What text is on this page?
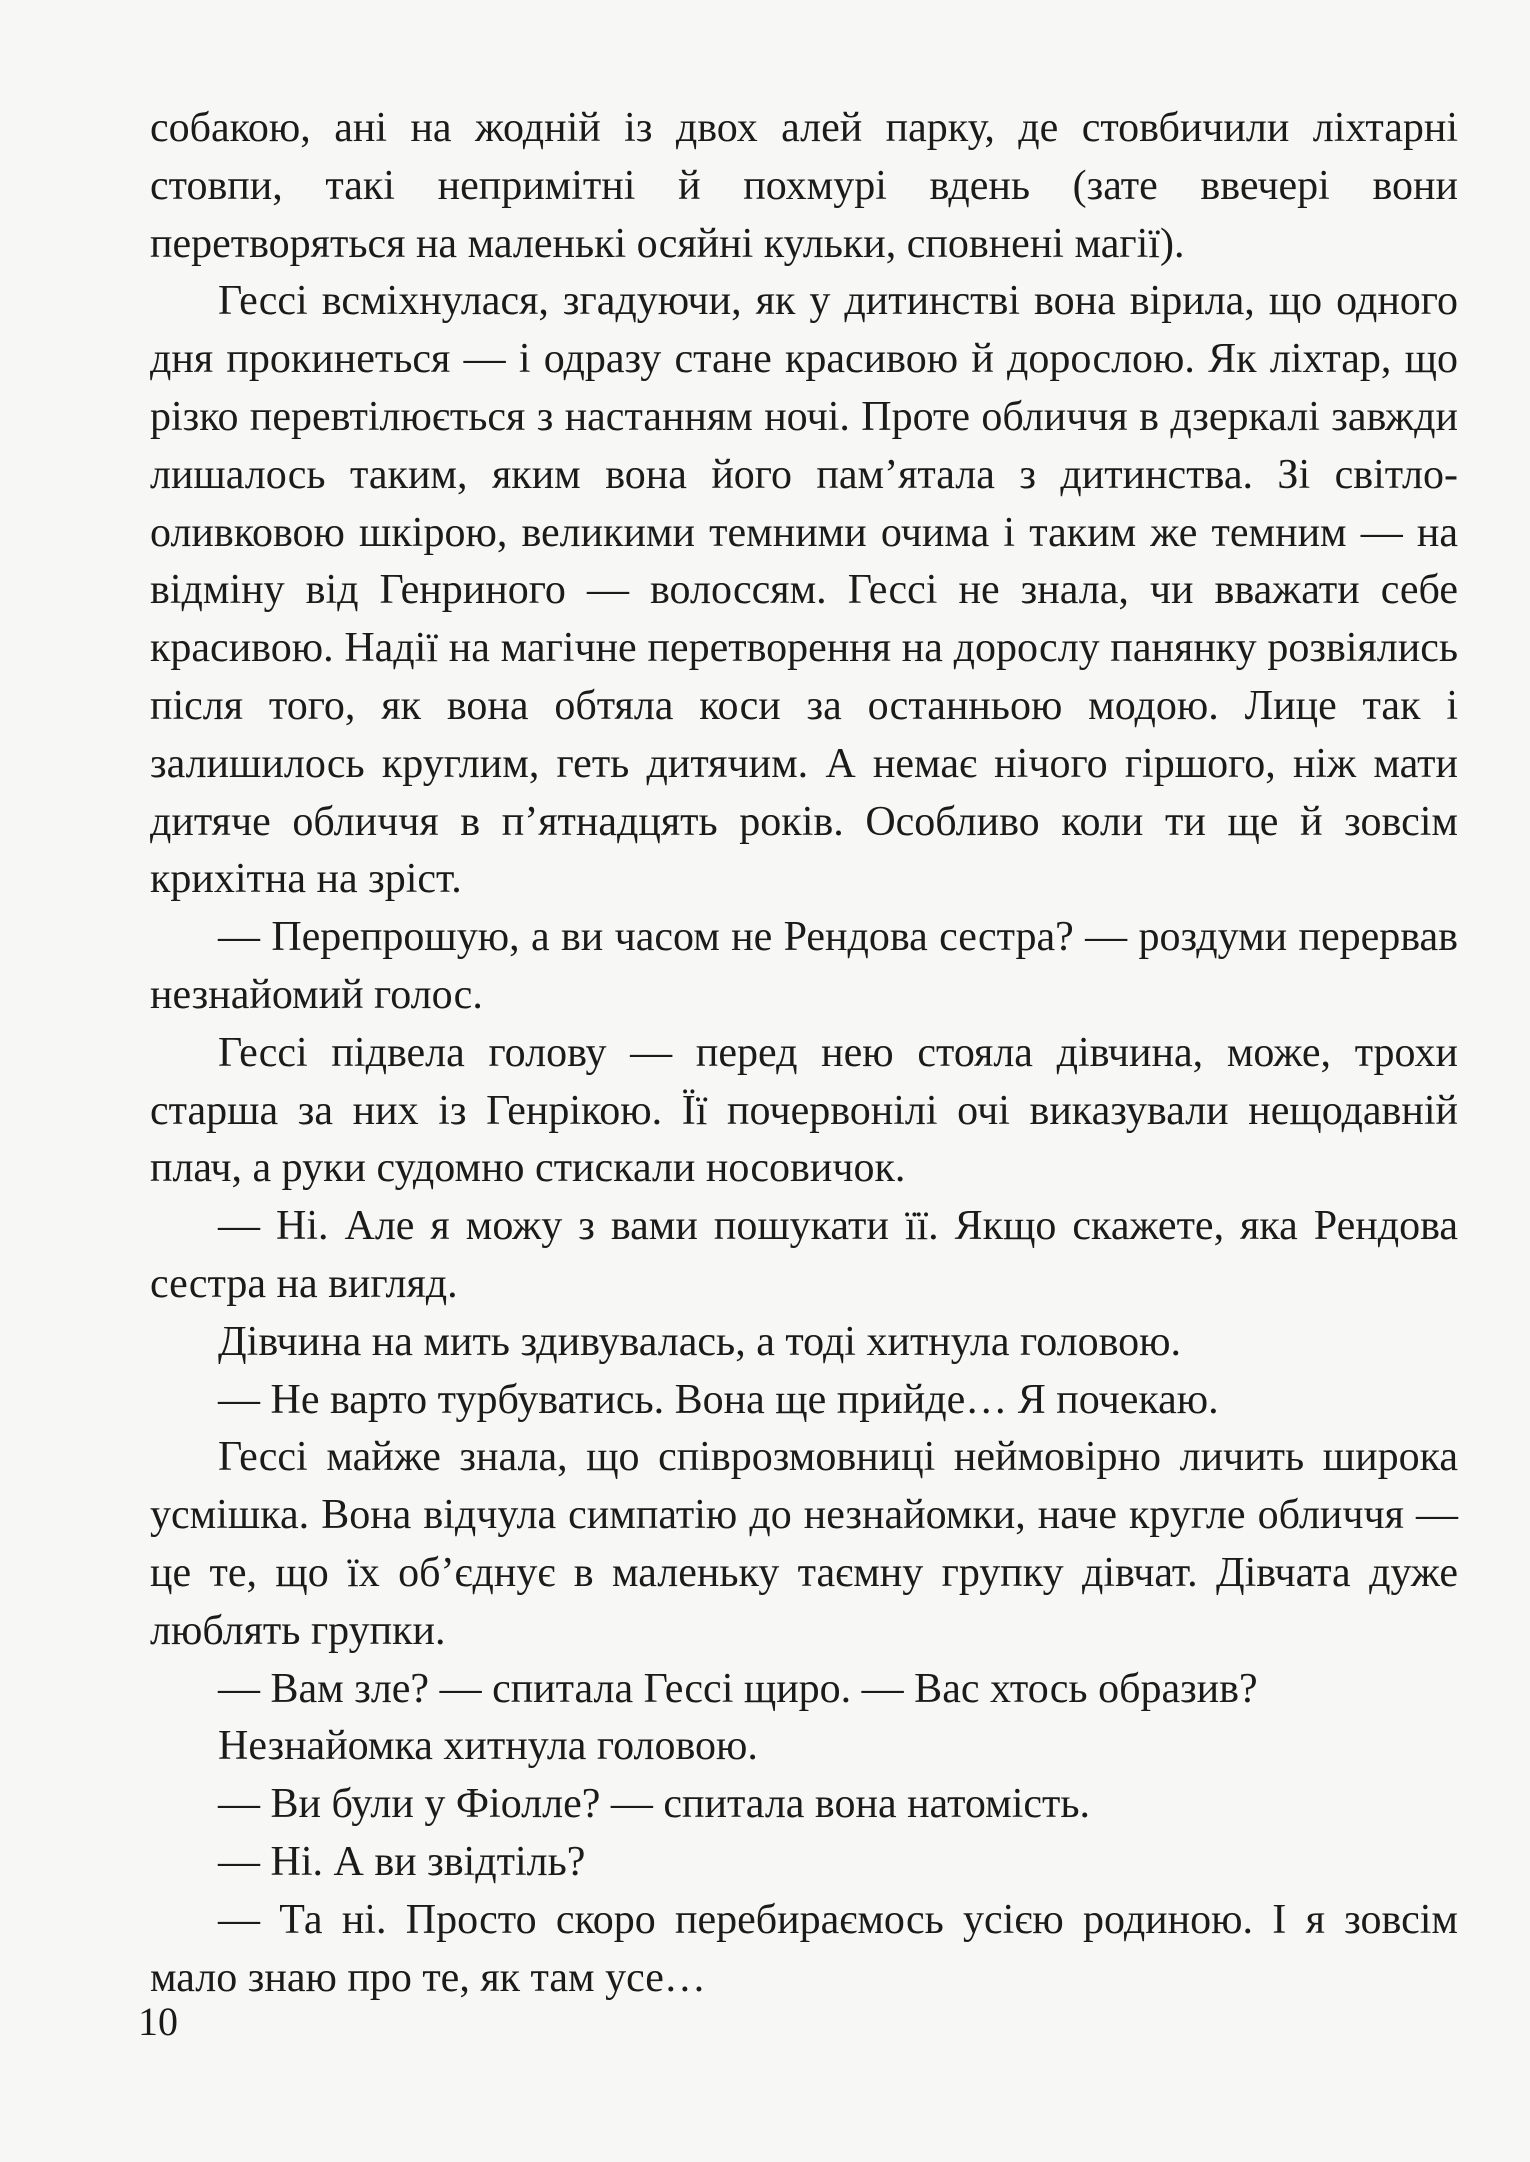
собакою, ані на жодній із двох алей парку, де стовбичили ліхтарні стовпи, такі непримітні й похмурі вдень (зате ввечері вони перетворяться на маленькі осяйні кульки, сповнені магії).

Гессі всміхнулася, згадуючи, як у дитинстві вона вірила, що одного дня прокинеться — і одразу стане красивою й дорослою. Як ліхтар, що різко перевтілюється з настанням ночі. Проте обличчя в дзеркалі завжди лишалось таким, яким вона його пам’ятала з дитинства. Зі світло-оливковою шкірою, великими темними очима і таким же темним — на відміну від Генриного — волоссям. Гессі не знала, чи вважати себе красивою. Надії на магічне перетворення на дорослу панянку розвіялись після того, як вона обтяла коси за останньою модою. Лице так і залишилось круглим, геть дитячим. А немає нічого гіршого, ніж мати дитяче обличчя в п’ятнадцять років. Особливо коли ти ще й зовсім крихітна на зріст.

— Перепрошую, а ви часом не Рендова сестра? — роздуми перервав незнайомий голос.

Гессі підвела голову — перед нею стояла дівчина, може, трохи старша за них із Генрікою. Її почервонілі очі виказували нещодавній плач, а руки судомно стискали носовичок.

— Ні. Але я можу з вами пошукати її. Якщо скажете, яка Рендова сестра на вигляд.

Дівчина на мить здивувалась, а тоді хитнула головою.

— Не варто турбуватись. Вона ще прийде… Я почекаю.

Гессі майже знала, що співрозмовниці неймовірно личить широка усмішка. Вона відчула симпатію до незнайомки, наче кругле обличчя — це те, що їх об’єднує в маленьку таємну групку дівчат. Дівчата дуже люблять групки.

— Вам зле? — спитала Гессі щиро. — Вас хтось образив?

Незнайомка хитнула головою.

— Ви були у Фіолле? — спитала вона натомість.

— Ні. А ви звідтіль?

— Та ні. Просто скоро перебираємось усією родиною. І я зовсім мало знаю про те, як там усе…

10
